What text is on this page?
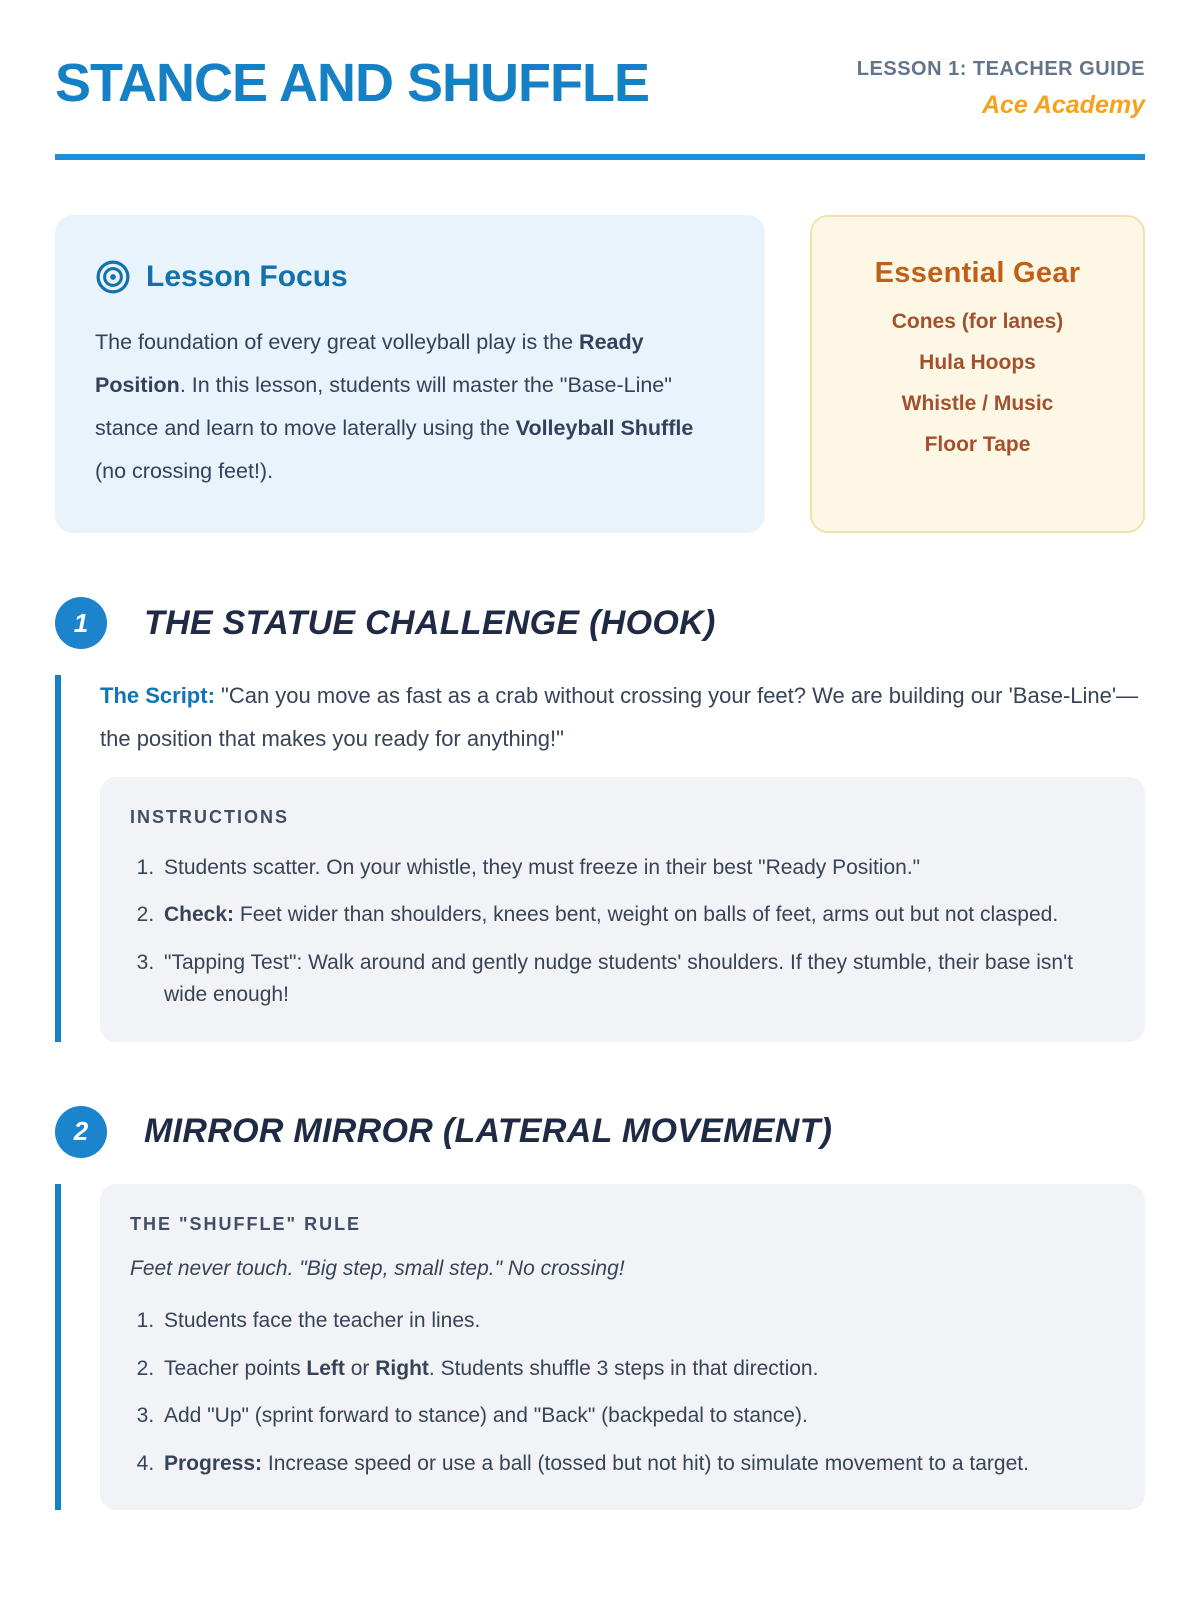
STANCE AND SHUFFLE	LESSON 1: TEACHER GUIDE
Ace Academy
Lesson Focus

The foundation of every great volleyball play is the Ready Position. In this lesson, students will master the "Base-Line" stance and learn to move laterally using the Volleyball Shuffle (no crossing feet!).

Essential Gear
Cones (for lanes)
Hula Hoops
Whistle / Music
Floor Tape
1	THE STATUE CHALLENGE (HOOK)

The Script: "Can you move as fast as a crab without crossing your feet? We are building our 'Base-Line'—the position that makes you ready for anything!"

INSTRUCTIONS
1. Students scatter. On your whistle, they must freeze in their best "Ready Position."
2. Check: Feet wider than shoulders, knees bent, weight on balls of feet, arms out but not clasped.
3. "Tapping Test": Walk around and gently nudge students' shoulders. If they stumble, their base isn't wide enough!
2	MIRROR MIRROR (LATERAL MOVEMENT)
THE "SHUFFLE" RULE
Feet never touch. "Big step, small step." No crossing!
1. Students face the teacher in lines.
2. Teacher points Left or Right. Students shuffle 3 steps in that direction.
3. Add "Up" (sprint forward to stance) and "Back" (backpedal to stance).
4. Progress: Increase speed or use a ball (tossed but not hit) to simulate movement to a target.
